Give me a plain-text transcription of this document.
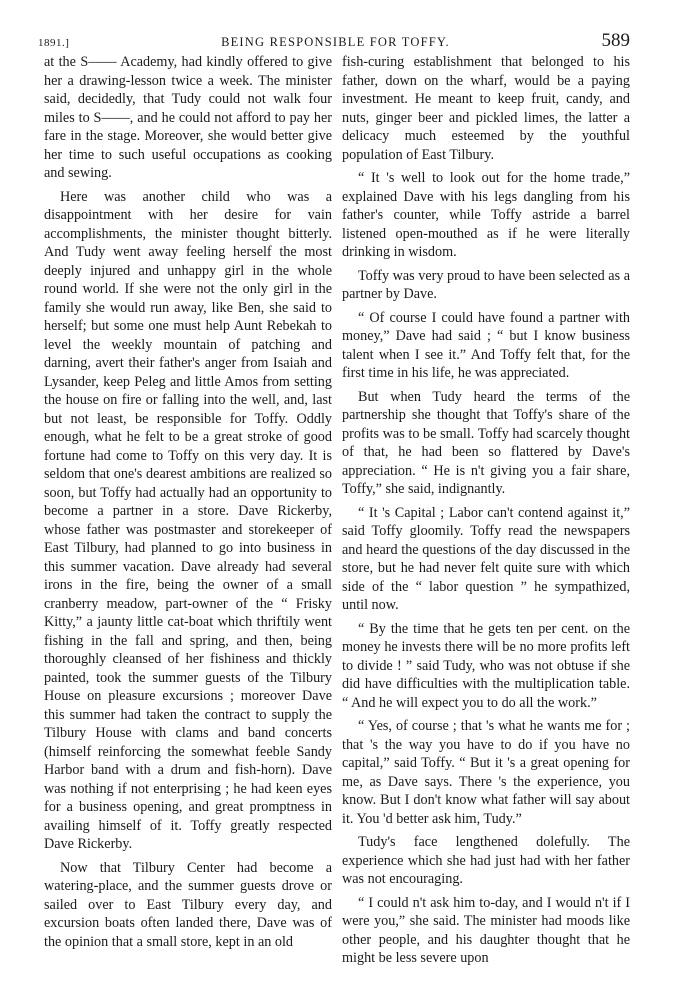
1891.]	BEING RESPONSIBLE FOR TOFFY.	589

at the S—— Academy, had kindly offered to give her a drawing-lesson twice a week. The minister said, decidedly, that Tudy could not walk four miles to S——, and he could not afford to pay her fare in the stage. Moreover, she would better give her time to such useful occupations as cooking and sewing.

Here was another child who was a disappointment with her desire for vain accomplishments, the minister thought bitterly. And Tudy went away feeling herself the most deeply injured and unhappy girl in the whole round world. If she were not the only girl in the family she would run away, like Ben, she said to herself; but some one must help Aunt Rebekah to level the weekly mountain of patching and darning, avert their father's anger from Isaiah and Lysander, keep Peleg and little Amos from setting the house on fire or falling into the well, and, last but not least, be responsible for Toffy. Oddly enough, what he felt to be a great stroke of good fortune had come to Toffy on this very day. It is seldom that one's dearest ambitions are realized so soon, but Toffy had actually had an opportunity to become a partner in a store. Dave Rickerby, whose father was postmaster and storekeeper of East Tilbury, had planned to go into business in this summer vacation. Dave already had several irons in the fire, being the owner of a small cranberry meadow, part-owner of the “ Frisky Kitty,” a jaunty little cat-boat which thriftily went fishing in the fall and spring, and then, being thoroughly cleansed of her fishiness and thickly painted, took the summer guests of the Tilbury House on pleasure excursions ; moreover Dave this summer had taken the contract to supply the Tilbury House with clams and band concerts (himself reinforcing the somewhat feeble Sandy Harbor band with a drum and fish-horn). Dave was nothing if not enterprising ; he had keen eyes for a business opening, and great promptness in availing himself of it. Toffy greatly respected Dave Rickerby.

Now that Tilbury Center had become a watering-place, and the summer guests drove or sailed over to East Tilbury every day, and excursion boats often landed there, Dave was of the opinion that a small store, kept in an old

fish-curing establishment that belonged to his father, down on the wharf, would be a paying investment. He meant to keep fruit, candy, and nuts, ginger beer and pickled limes, the latter a delicacy much esteemed by the youthful population of East Tilbury.

“ It 's well to look out for the home trade,” explained Dave with his legs dangling from his father's counter, while Toffy astride a barrel listened open-mouthed as if he were literally drinking in wisdom.

Toffy was very proud to have been selected as a partner by Dave.

“ Of course I could have found a partner with money,” Dave had said ; “ but I know business talent when I see it.” And Toffy felt that, for the first time in his life, he was appreciated.

But when Tudy heard the terms of the partnership she thought that Toffy's share of the profits was to be small. Toffy had scarcely thought of that, he had been so flattered by Dave's appreciation. “ He is n't giving you a fair share, Toffy,” she said, indignantly.

“ It 's Capital ; Labor can't contend against it,” said Toffy gloomily. Toffy read the newspapers and heard the questions of the day discussed in the store, but he had never felt quite sure with which side of the “ labor question ” he sympathized, until now.

“ By the time that he gets ten per cent. on the money he invests there will be no more profits left to divide ! ” said Tudy, who was not obtuse if she did have difficulties with the multiplication table. “ And he will expect you to do all the work.”

“ Yes, of course ; that 's what he wants me for ; that 's the way you have to do if you have no capital,” said Toffy. “ But it 's a great opening for me, as Dave says. There 's the experience, you know. But I don't know what father will say about it. You 'd better ask him, Tudy.”

Tudy's face lengthened dolefully. The experience which she had just had with her father was not encouraging.

“ I could n't ask him to-day, and I would n't if I were you,” she said. The minister had moods like other people, and his daughter thought that he might be less severe upon
